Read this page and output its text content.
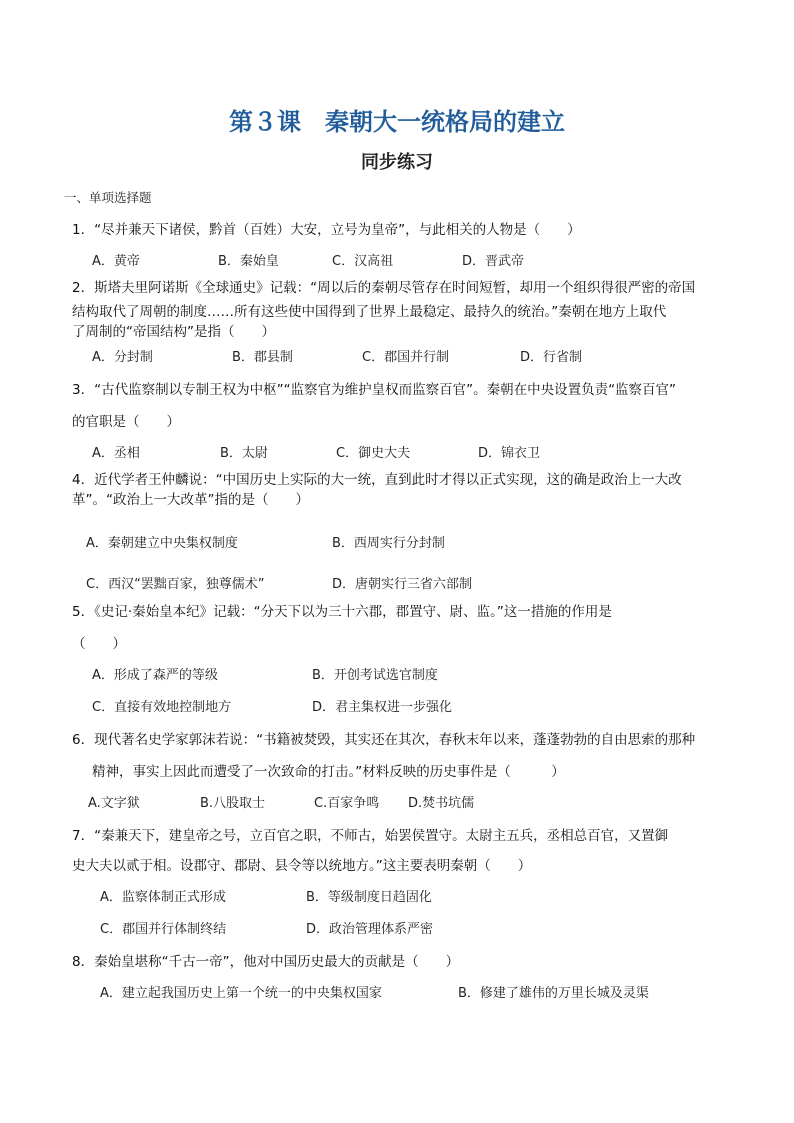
第３课　秦朝大一统格局的建立
同步练习
一、单项选择题
1．“尽并兼天下诸侯，黔首（百姓）大安，立号为皇帝”，与此相关的人物是（　　）
A．黄帝	B．秦始皇	C．汉高祖	D．晋武帝
2．斯塔夫里阿诺斯《全球通史》记载：“周以后的秦朝尽管存在时间短暂，却用一个组织得很严密的帝国
结构取代了周朝的制度……所有这些使中国得到了世界上最稳定、最持久的统治。”秦朝在地方上取代
了周制的“帝国结构”是指（　　）
A．分封制	B．郡县制	C．郡国并行制	D．行省制
3．“古代监察制以专制王权为中枢”“监察官为维护皇权而监察百官”。秦朝在中央设置负责“监察百官”
的官职是（　　）
A．丞相	B．太尉	C．御史大夫	D．锦衣卫
4．近代学者王仲麟说：“中国历史上实际的大一统，直到此时才得以正式实现，这的确是政治上一大改
革”。“政治上一大改革”指的是（　　）
A．秦朝建立中央集权制度	B．西周实行分封制
C．西汉“罢黜百家，独尊儒术”	D．唐朝实行三省六部制
5．《史记·秦始皇本纪》记载：“分天下以为三十六郡，郡置守、尉、监。”这一措施的作用是
（　　）
A．形成了森严的等级	B．开创考试选官制度
C．直接有效地控制地方	D．君主集权进一步强化
6．现代著名史学家郭沫若说：“书籍被焚毁，其实还在其次，春秋末年以来，蓬蓬勃勃的自由思索的那种
精神，事实上因此而遭受了一次致命的打击。”材料反映的历史事件是（　　　）
A.文字狱	B.八股取士	C.百家争鸣 D.焚书坑儒
7．“秦兼天下，建皇帝之号，立百官之职，不师古，始罢侯置守。太尉主五兵，丞相总百官，又置御
史大夫以贰于相。设郡守、郡尉、县令等以统地方。”这主要表明秦朝（　　）
A．监察体制正式形成	B．等级制度日趋固化
C．郡国并行体制终结	D．政治管理体系严密
8．秦始皇堪称“千古一帝”，他对中国历史最大的贡献是（　　）
A．建立起我国历史上第一个统一的中央集权国家	B．修建了雄伟的万里长城及灵渠
